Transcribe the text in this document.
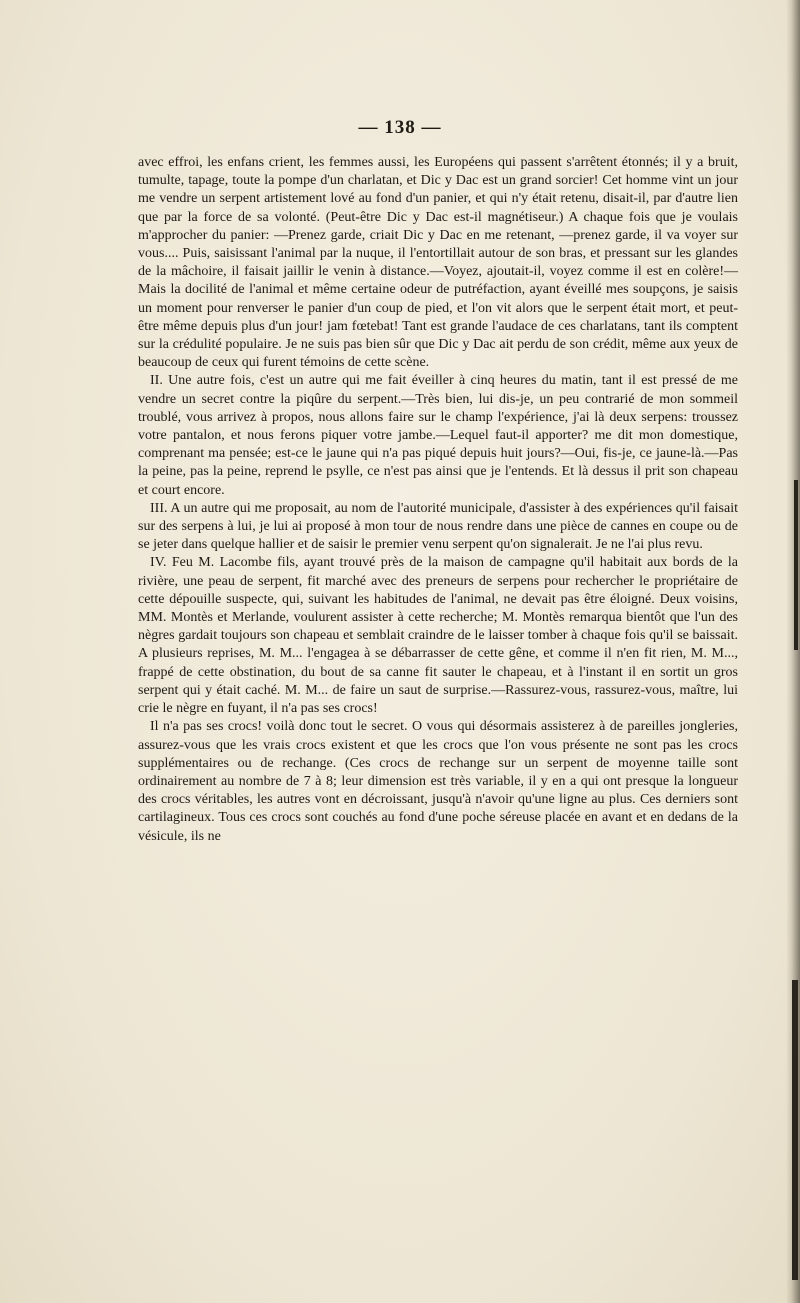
— 138 —

avec effroi, les enfans crient, les femmes aussi, les Européens qui passent s'arrêtent étonnés; il y a bruit, tumulte, tapage, toute la pompe d'un charlatan, et Dic y Dac est un grand sorcier! Cet homme vint un jour me vendre un serpent artistement lové au fond d'un panier, et qui n'y était retenu, disait-il, par d'autre lien que par la force de sa volonté. (Peut-être Dic y Dac est-il magnétiseur.) A chaque fois que je voulais m'approcher du panier: —Prenez garde, criait Dic y Dac en me retenant, —prenez garde, il va voyer sur vous.... Puis, saisissant l'animal par la nuque, il l'entortillait autour de son bras, et pressant sur les glandes de la mâchoire, il faisait jaillir le venin à distance.—Voyez, ajoutait-il, voyez comme il est en colère!— Mais la docilité de l'animal et même certaine odeur de putréfaction, ayant éveillé mes soupçons, je saisis un moment pour renverser le panier d'un coup de pied, et l'on vit alors que le serpent était mort, et peut-être même depuis plus d'un jour! jam fœtebat! Tant est grande l'audace de ces charlatans, tant ils comptent sur la crédulité populaire. Je ne suis pas bien sûr que Dic y Dac ait perdu de son crédit, même aux yeux de beaucoup de ceux qui furent témoins de cette scène.

II. Une autre fois, c'est un autre qui me fait éveiller à cinq heures du matin, tant il est pressé de me vendre un secret contre la piqûre du serpent.—Très bien, lui dis-je, un peu contrarié de mon sommeil troublé, vous arrivez à propos, nous allons faire sur le champ l'expérience, j'ai là deux serpens: troussez votre pantalon, et nous ferons piquer votre jambe.—Lequel faut-il apporter? me dit mon domestique, comprenant ma pensée; est-ce le jaune qui n'a pas piqué depuis huit jours?—Oui, fis-je, ce jaune-là.—Pas la peine, pas la peine, reprend le psylle, ce n'est pas ainsi que je l'entends. Et là dessus il prit son chapeau et court encore.

III. A un autre qui me proposait, au nom de l'autorité municipale, d'assister à des expériences qu'il faisait sur des serpens à lui, je lui ai proposé à mon tour de nous rendre dans une pièce de cannes en coupe ou de se jeter dans quelque hallier et de saisir le premier venu serpent qu'on signalerait. Je ne l'ai plus revu.

IV. Feu M. Lacombe fils, ayant trouvé près de la maison de campagne qu'il habitait aux bords de la rivière, une peau de serpent, fit marché avec des preneurs de serpens pour rechercher le propriétaire de cette dépouille suspecte, qui, suivant les habitudes de l'animal, ne devait pas être éloigné. Deux voisins, MM. Montès et Merlande, voulurent assister à cette recherche; M. Montès remarqua bientôt que l'un des nègres gardait toujours son chapeau et semblait craindre de le laisser tomber à chaque fois qu'il se baissait. A plusieurs reprises, M. M... l'engagea à se débarrasser de cette gêne, et comme il n'en fit rien, M. M..., frappé de cette obstination, du bout de sa canne fit sauter le chapeau, et à l'instant il en sortit un gros serpent qui y était caché. M. M... de faire un saut de surprise.—Rassurez-vous, rassurez-vous, maître, lui crie le nègre en fuyant, il n'a pas ses crocs!

Il n'a pas ses crocs! voilà donc tout le secret. O vous qui désormais assisterez à de pareilles jongleries, assurez-vous que les vrais crocs existent et que les crocs que l'on vous présente ne sont pas les crocs supplémentaires ou de rechange. (Ces crocs de rechange sur un serpent de moyenne taille sont ordinairement au nombre de 7 à 8; leur dimension est très variable, il y en a qui ont presque la longueur des crocs véritables, les autres vont en décroissant, jusqu'à n'avoir qu'une ligne au plus. Ces derniers sont cartilagineux. Tous ces crocs sont couchés au fond d'une poche séreuse placée en avant et en dedans de la vésicule, ils ne
